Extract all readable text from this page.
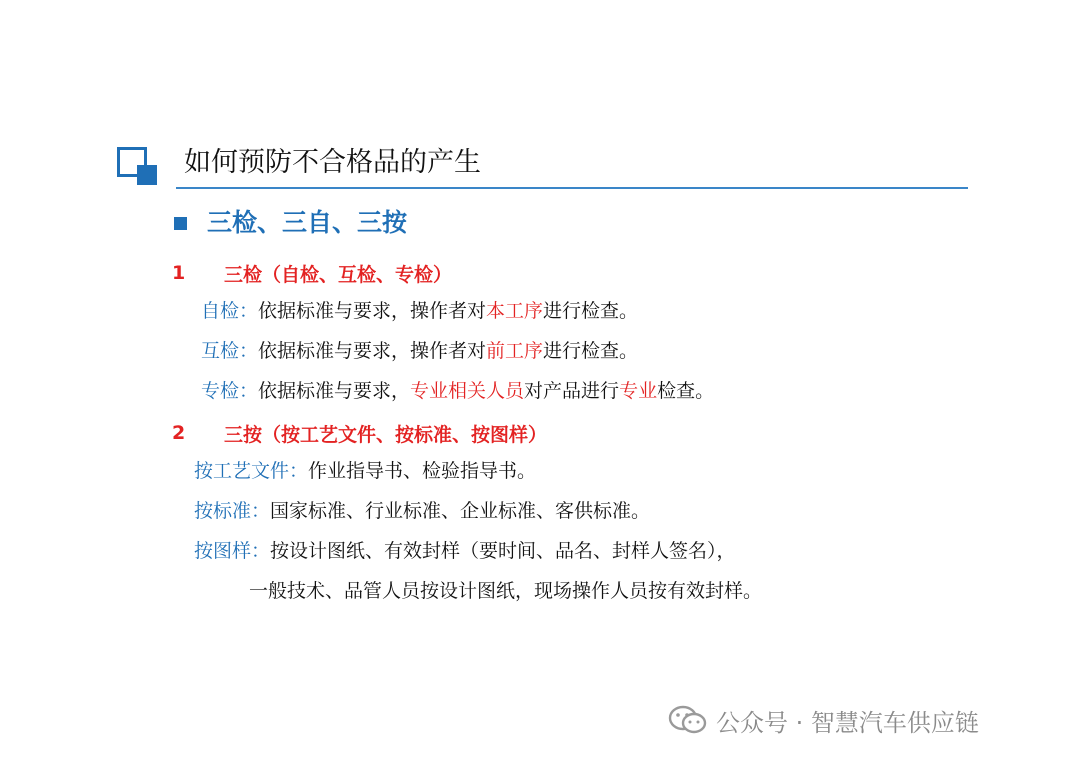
如何预防不合格品的产生
三检、三自、三按
1	三检（自检、互检、专检）
自检：依据标准与要求，操作者对本工序进行检查。
互检：依据标准与要求，操作者对前工序进行检查。
专检：依据标准与要求，专业相关人员对产品进行专业检查。
2	三按（按工艺文件、按标准、按图样）
按工艺文件：作业指导书、检验指导书。
按标准：国家标准、行业标准、企业标准、客供标准。
按图样：按设计图纸、有效封样（要时间、品名、封样人签名），
一般技术、品管人员按设计图纸，现场操作人员按有效封样。
公众号 · 智慧汽车供应链
